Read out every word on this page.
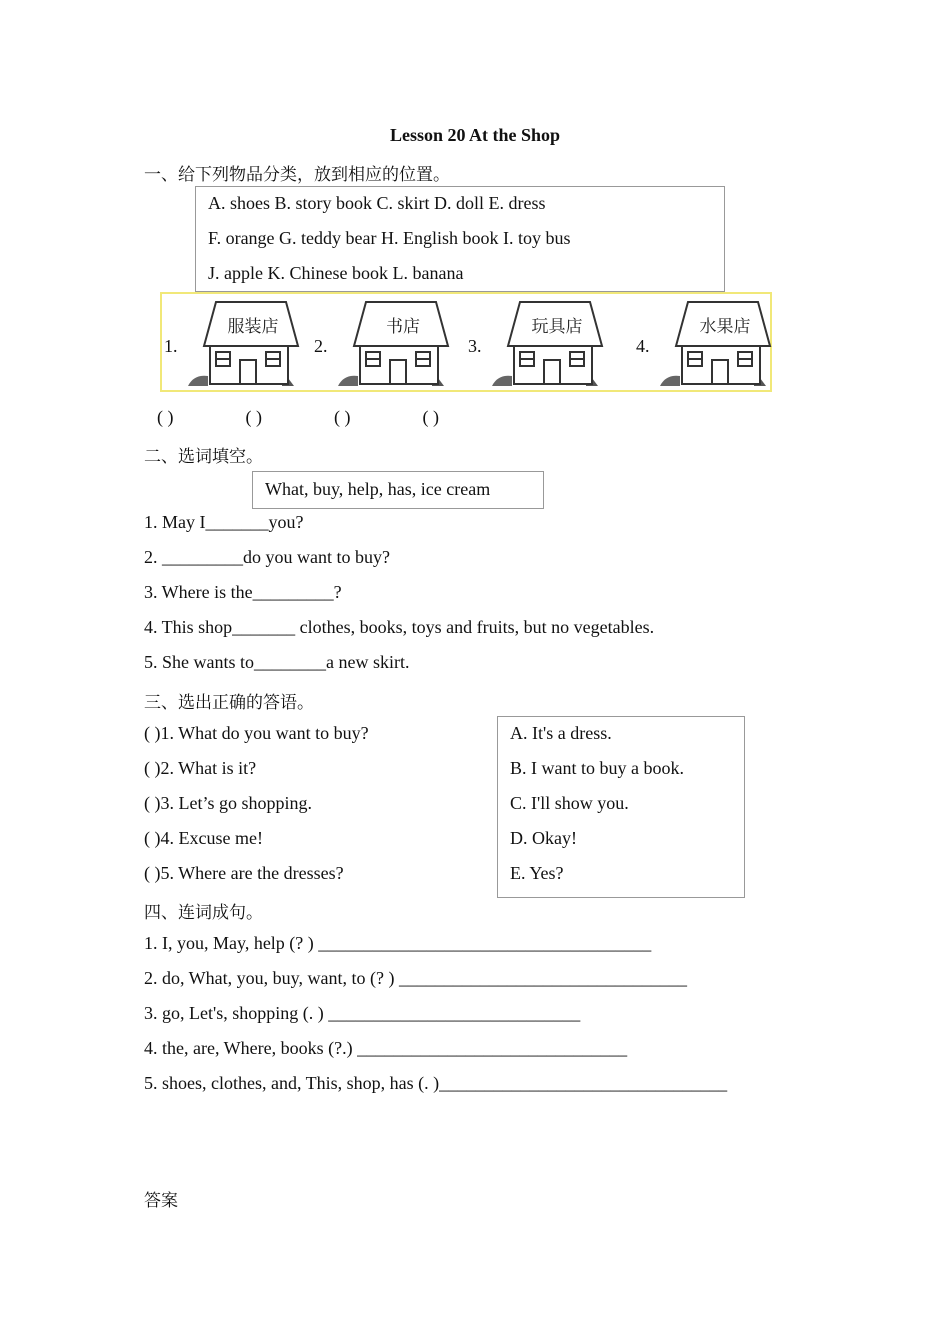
Lesson 20 At the Shop
一、给下列物品分类，放到相应的位置。
A. shoes B. story book C. skirt D. doll E. dress
F. orange G. teddy bear H. English book I. toy bus
J. apple K. Chinese book L. banana
1.
服装店
2.
书店
3.
玩具店
4.
水果店
( )	( )	( )	( )
二、选词填空。
What, buy, help, has, ice cream
1. May I_______you?
2. _________do you want to buy?
3. Where is the_________?
4. This shop_______ clothes, books, toys and fruits, but no vegetables.
5. She wants to________a new skirt.
三、选出正确的答语。
( )1. What do you want to buy?
( )2. What is it?
( )3. Let’s go shopping.
( )4. Excuse me!
( )5. Where are the dresses?
A. It's a dress.
B. I want to buy a book.
C. I'll show you.
D. Okay!
E. Yes?
四、连词成句。
1. I, you, May, help (? ) _____________________________________
2. do, What, you, buy, want, to (? ) ________________________________
3. go, Let's, shopping (. ) ____________________________
4. the, are, Where, books (?.) ______________________________
5. shoes, clothes, and, This, shop, has (. )________________________________
答案
